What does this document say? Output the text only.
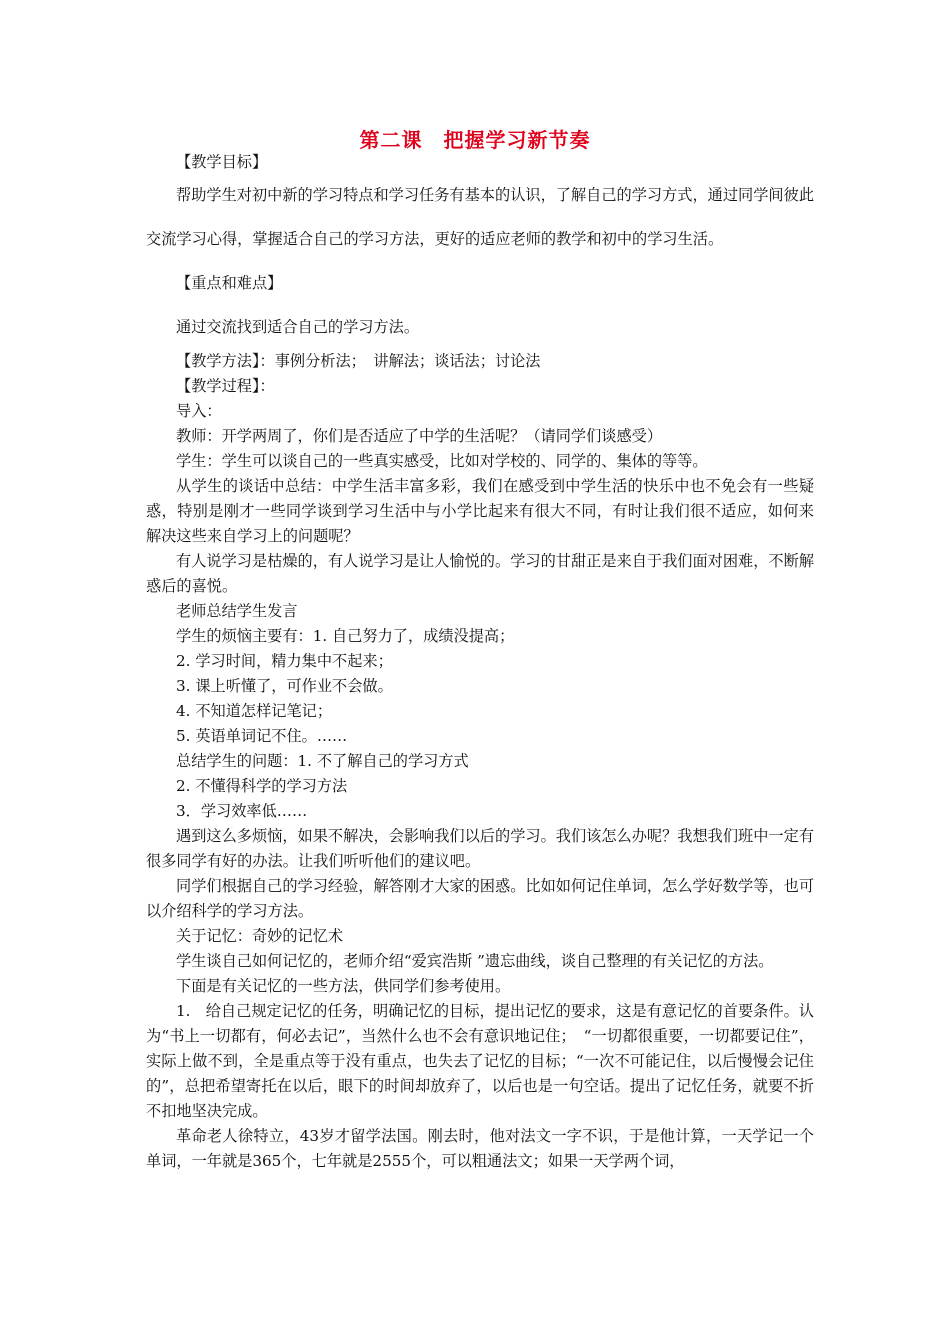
第二课　把握学习新节奏

【教学目标】

帮助学生对初中新的学习特点和学习任务有基本的认识，了解自己的学习方式，通过同学间彼此交流学习心得，掌握适合自己的学习方法，更好的适应老师的教学和初中的学习生活。

【重点和难点】

通过交流找到适合自己的学习方法。

【教学方法】：事例分析法；　讲解法；谈话法；讨论法

【教学过程】：

导入：

教师：开学两周了，你们是否适应了中学的生活呢？（请同学们谈感受）

学生：学生可以谈自己的一些真实感受，比如对学校的、同学的、集体的等等。

从学生的谈话中总结：中学生活丰富多彩，我们在感受到中学生活的快乐中也不免会有一些疑惑，特别是刚才一些同学谈到学习生活中与小学比起来有很大不同，有时让我们很不适应，如何来解决这些来自学习上的问题呢？

有人说学习是枯燥的，有人说学习是让人愉悦的。学习的甘甜正是来自于我们面对困难，不断解惑后的喜悦。

老师总结学生发言

学生的烦恼主要有：1. 自己努力了，成绩没提高；

2. 学习时间，精力集中不起来；

3. 课上听懂了，可作业不会做。

4. 不知道怎样记笔记；

5. 英语单词记不住。……

总结学生的问题：1. 不了解自己的学习方式

2. 不懂得科学的学习方法

3．学习效率低……

遇到这么多烦恼，如果不解决，会影响我们以后的学习。我们该怎么办呢？我想我们班中一定有很多同学有好的办法。让我们听听他们的建议吧。

同学们根据自己的学习经验，解答刚才大家的困惑。比如如何记住单词，怎么学好数学等，也可以介绍科学的学习方法。

关于记忆：奇妙的记忆术

学生谈自己如何记忆的，老师介绍“爱宾浩斯 ”遗忘曲线，谈自己整理的有关记忆的方法。

下面是有关记忆的一些方法，供同学们参考使用。

1.　给自己规定记忆的任务，明确记忆的目标，提出记忆的要求，这是有意记忆的首要条件。认为“书上一切都有，何必去记”，当然什么也不会有意识地记住；　“一切都很重要，一切都要记住”，实际上做不到，全是重点等于没有重点，也失去了记忆的目标；“一次不可能记住，以后慢慢会记住的”，总把希望寄托在以后，眼下的时间却放弃了，以后也是一句空话。提出了记忆任务，就要不折不扣地坚决完成。

革命老人徐特立，43岁才留学法国。刚去时，他对法文一字不识，于是他计算，一天学记一个单词，一年就是365个，七年就是2555个，可以粗通法文；如果一天学两个词，
